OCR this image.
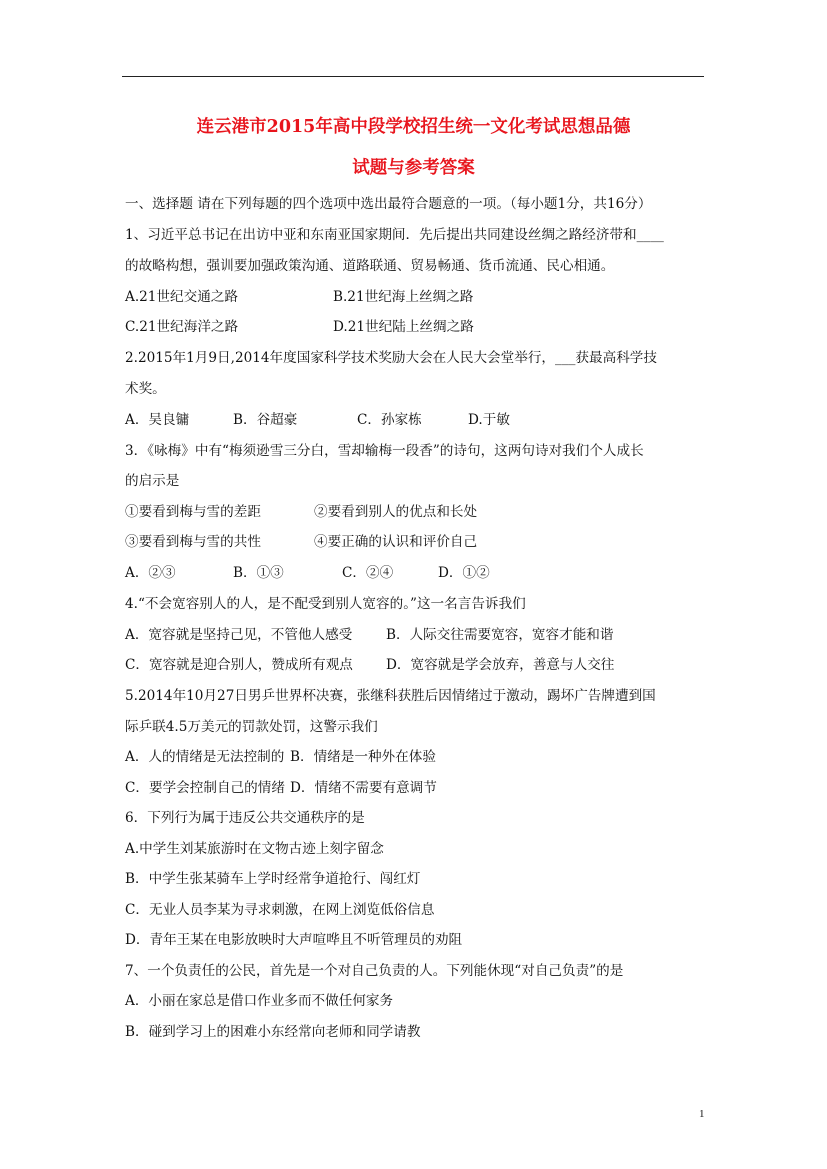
连云港市2015年高中段学校招生统一文化考试思想品德
试题与参考答案
一、选择题 请在下列每题的四个选项中选出最符合题意的一项。（每小题1分，共16分）
1、习近平总书记在出访中亚和东南亚国家期间．先后提出共同建设丝绸之路经济带和____
的故略构想，强训要加强政策沟通、道路联通、贸易畅通、货币流通、民心相通。
A.21世纪交通之路	B.21世纪海上丝绸之路
C.21世纪海洋之路	D.21世纪陆上丝绸之路
2.2015年1月9日,2014年度国家科学技术奖励大会在人民大会堂举行，___获最高科学技
术奖。
A．吴良镛	B．谷超豪	C．孙家栋	D.于敏
3．《咏梅》中有“梅须逊雪三分白，雪却输梅一段香”的诗句，这两句诗对我们个人成长
的启示是
①要看到梅与雪的差距	②要看到别人的优点和长处
③要看到梅与雪的共性	④要正确的认识和评价自己
A．②③	B．①③	C．②④	D．①②
4.“不会宽容别人的人，是不配受到别人宽容的。”这一名言告诉我们
A．宽容就是坚持己见，不管他人感受 B．人际交往需要宽容，宽容才能和谐
C．宽容就是迎合别人，赞成所有观点 D．宽容就是学会放弃，善意与人交往
5.2014年10月27日男乒世界杯决赛，张继科获胜后因情绪过于激动，踢坏广告牌遭到国
际乒联4.5万美元的罚款处罚，这警示我们
A．人的情绪是无法控制的 B．情绪是一种外在体验
C．要学会控制自己的情绪 D．情绪不需要有意调节
6．下列行为属于违反公共交通秩序的是
A.中学生刘某旅游时在文物古迹上刻字留念
B．中学生张某骑车上学时经常争道抢行、闯红灯
C．无业人员李某为寻求刺激，在网上浏览低俗信息
D．青年王某在电影放映时大声喧哗且不听管理员的劝阻
7、一个负责任的公民，首先是一个对自己负责的人。下列能休现“对自己负责”的是
A．小丽在家总是借口作业多而不做任何家务
B．碰到学习上的困难小东经常向老师和同学请教
1
